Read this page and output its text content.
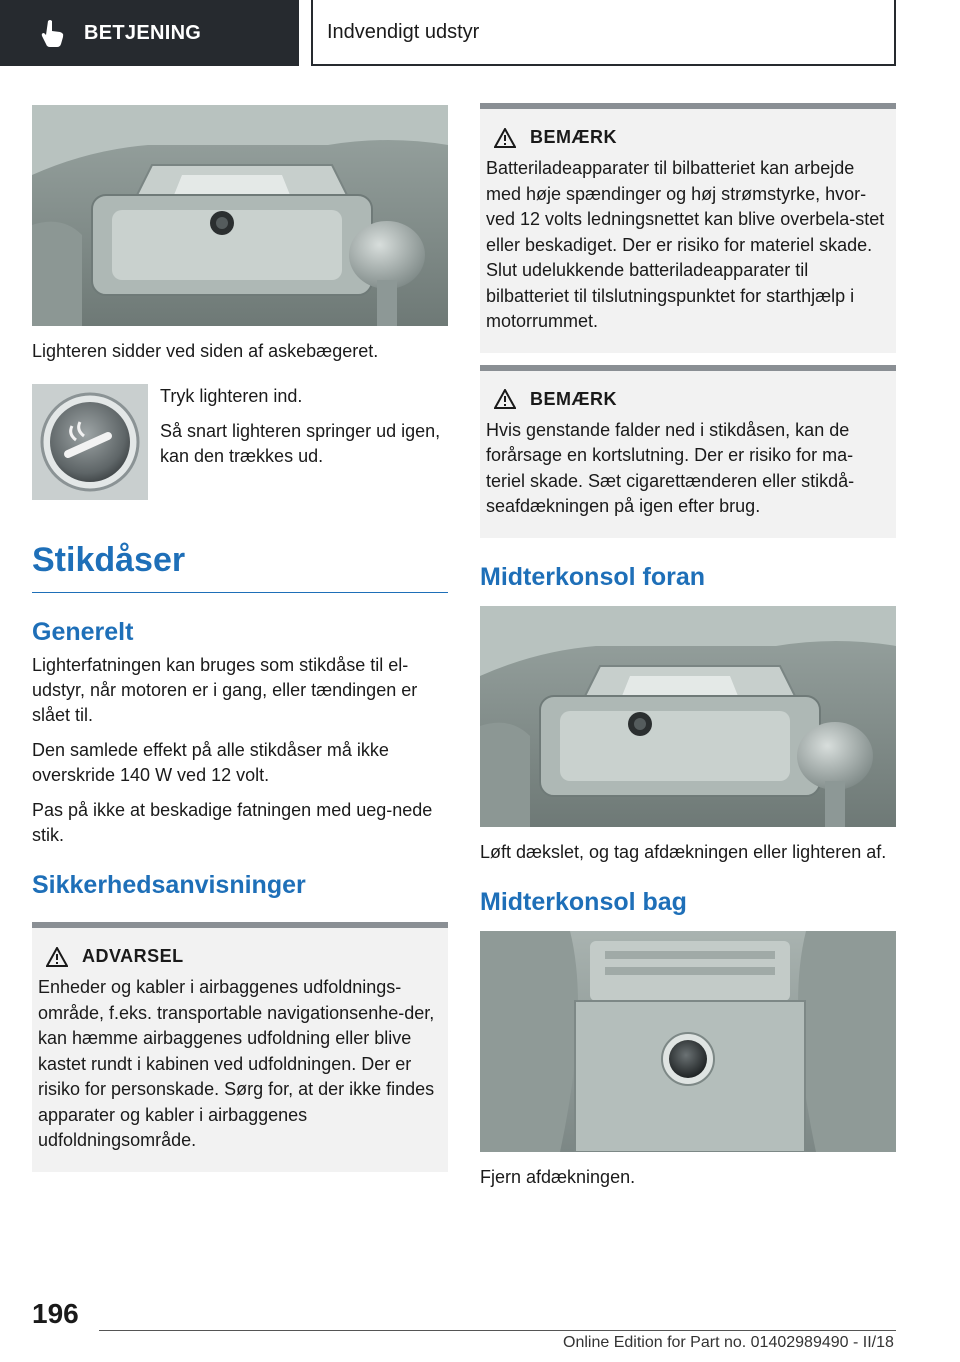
BETJENING	Indvendigt udstyr
Lighteren sidder ved siden af askebægeret.
Tryk lighteren ind.
Så snart lighteren springer ud igen, kan den trækkes ud.
Stikdåser
Generelt
Lighterfatningen kan bruges som stikdåse til el-udstyr, når motoren er i gang, eller tændingen er slået til.
Den samlede effekt på alle stikdåser må ikke overskride 140 W ved 12 volt.
Pas på ikke at beskadige fatningen med ueg-nede stik.
Sikkerhedsanvisninger
ADVARSEL
Enheder og kabler i airbaggenes udfoldnings-område, f.eks. transportable navigationsenhe-der, kan hæmme airbaggenes udfoldning eller blive kastet rundt i kabinen ved udfoldningen. Der er risiko for personskade. Sørg for, at der ikke findes apparater og kabler i airbaggenes udfoldningsområde.
BEMÆRK
Batteriladeapparater til bilbatteriet kan arbejde med høje spændinger og høj strømstyrke, hvor-ved 12 volts ledningsnettet kan blive overbela-stet eller beskadiget. Der er risiko for materiel skade. Slut udelukkende batteriladeapparater til bilbatteriet til tilslutningspunktet for starthjælp i motorrummet.
BEMÆRK
Hvis genstande falder ned i stikdåsen, kan de forårsage en kortslutning. Der er risiko for ma-teriel skade. Sæt cigarettænderen eller stikdå-seafdækningen på igen efter brug.
Midterkonsol foran
Løft dækslet, og tag afdækningen eller lighteren af.
Midterkonsol bag
Fjern afdækningen.
196
Online Edition for Part no. 01402989490 - II/18
